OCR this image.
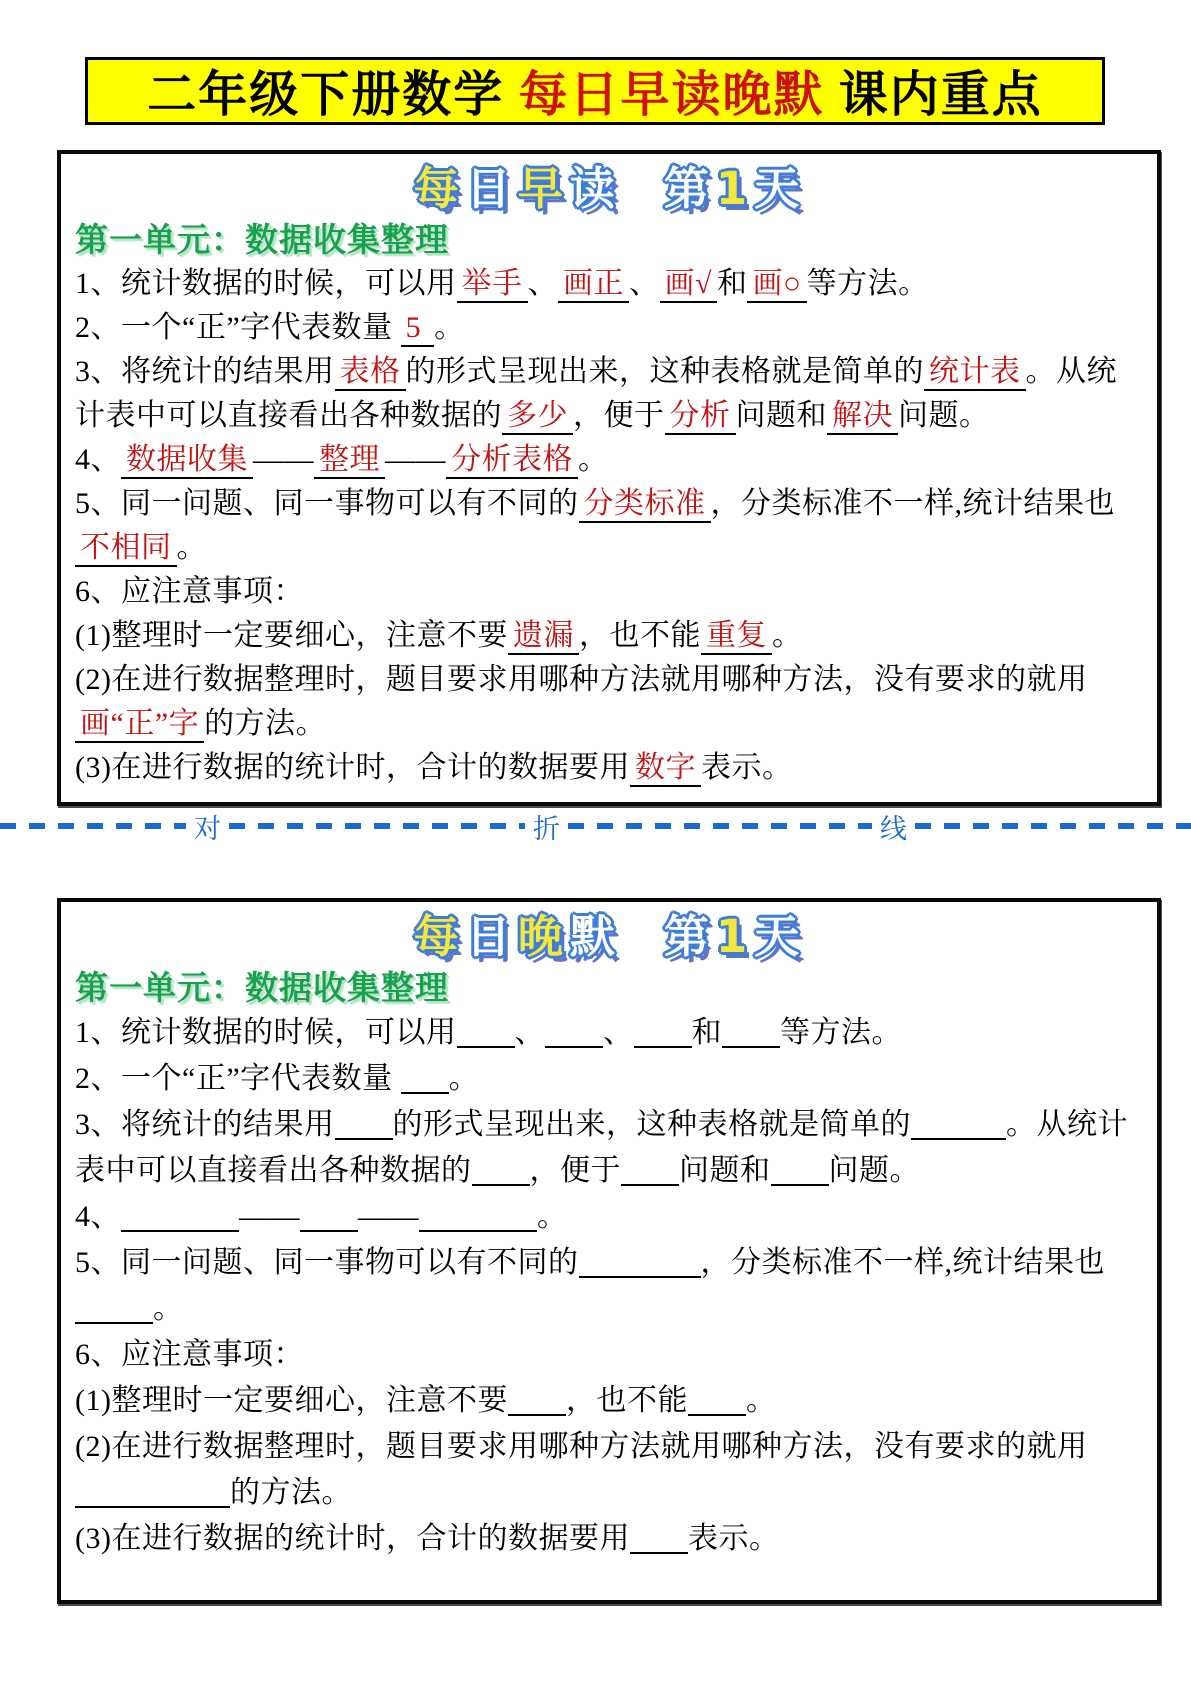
二年级下册数学 每日早读晚默 课内重点
每日早读 第1天
第一单元：数据收集整理

1、统计数据的时候，可以用 举手 、 画正 、 画√ 和 画○ 等方法。

2、一个“正”字代表数量 5 。

3、将统计的结果用 表格 的形式呈现出来，这种表格就是简单的 统计表 。从统计表中可以直接看出各种数据的 多少 ，便于 分析 问题和 解决 问题。

4、 数据收集 —— 整理 —— 分析表格 。

5、同一问题、同一事物可以有不同的 分类标准 ，分类标准不一样,统计结果也不相同 。

6、应注意事项：

(1)整理时一定要细心，注意不要 遗漏 ，也不能 重复 。

(2)在进行数据整理时，题目要求用哪种方法就用哪种方法，没有要求的就用画“正”字 的方法。

(3)在进行数据的统计时，合计的数据要用 数字 表示。

对	折	线
每日晚默 第1天
第一单元：数据收集整理

1、统计数据的时候，可以用 、 、 和 等方法。

2、一个“正”字代表数量 。

3、将统计的结果用 的形式呈现出来，这种表格就是简单的	。从统计表中可以直接看出各种数据的 ，便于 问题和 问题。

4、	—— ——	。

5、同一问题、同一事物可以有不同的	，分类标准不一样,统计结果也。

6、应注意事项：

(1)整理时一定要细心，注意不要 ，也不能 。

(2)在进行数据整理时，题目要求用哪种方法就用哪种方法，没有要求的就用的方法。

(3)在进行数据的统计时，合计的数据要用 表示。
